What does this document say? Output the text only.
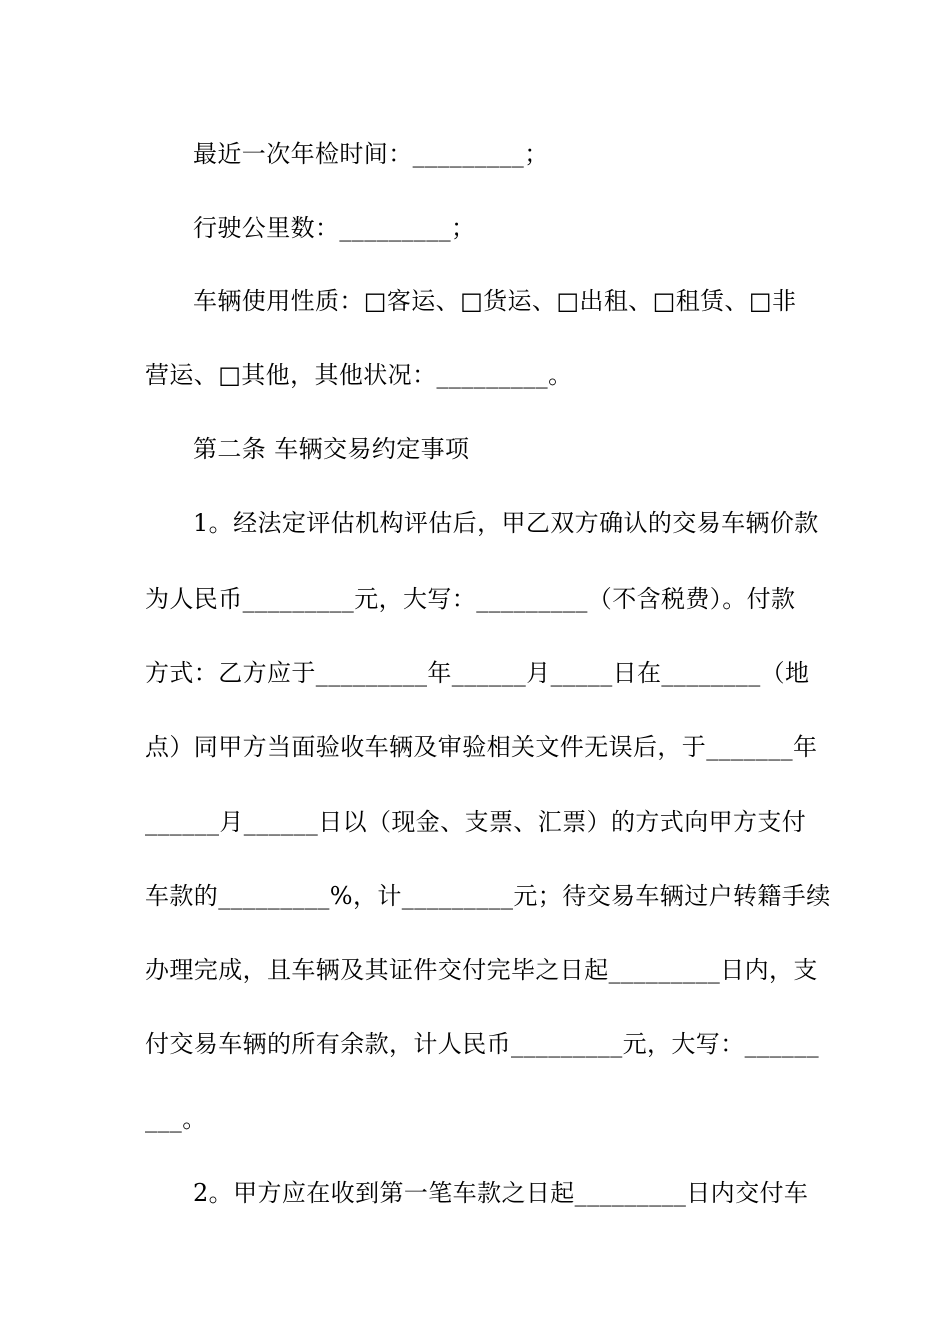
最近一次年检时间：_________；
行驶公里数：_________；
车辆使用性质：□客运、□货运、□出租、□租赁、□非
营运、□其他，其他状况：_________。
第二条 车辆交易约定事项
1。经法定评估机构评估后，甲乙双方确认的交易车辆价款
为人民币_________元，大写：_________（不含税费）。付款
方式：乙方应于_________年______月_____日在________（地
点）同甲方当面验收车辆及审验相关文件无误后，于_______年
______月______日以（现金、支票、汇票）的方式向甲方支付
车款的_________%，计_________元；待交易车辆过户转籍手续
办理完成，且车辆及其证件交付完毕之日起_________日内，支
付交易车辆的所有余款，计人民币_________元，大写：______
___。
2。甲方应在收到第一笔车款之日起_________日内交付车
